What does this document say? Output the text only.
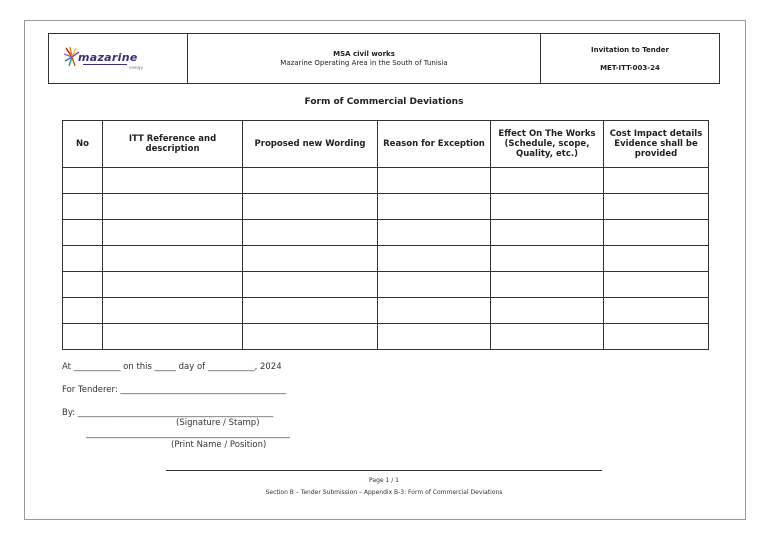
mazarine
energy
MSA civil works
Mazarine Operating Area in the South of Tunisia
Invitation to Tender
MET-ITT-003-24
Form of Commercial Deviations
No	ITT Reference and description	Proposed new Wording	Reason for Exception	Effect On The Works (Schedule, scope, Quality, etc.)	Cost Impact details Evidence shall be provided

At ___________ on this _____ day of ___________, 2024
For Tenderer: _______________________________________
By: ______________________________________________
(Signature / Stamp)
________________________________________________
(Print Name / Position)
Page 1 / 1
Section B – Tender Submission – Appendix B-3: Form of Commercial Deviations
